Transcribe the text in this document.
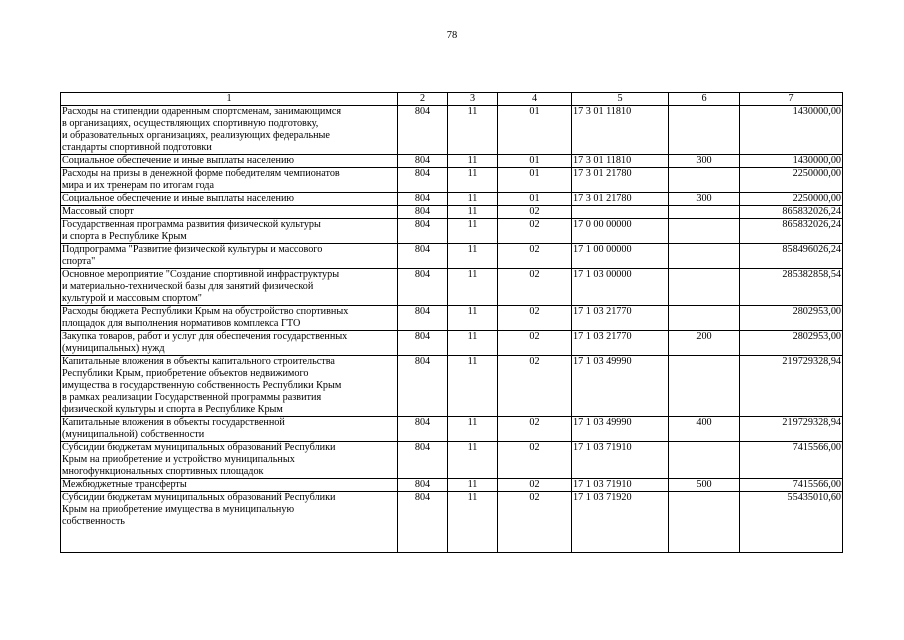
78
1	2	3	4	5	6	7

Расходы на стипендии одаренным спортсменам, занимающимся
в организациях, осуществляющих спортивную подготовку,
и образовательных организациях, реализующих федеральные
стандарты спортивной подготовки	804	11	01	17 3 01 11810		1430000,00

Социальное обеспечение и иные выплаты населению	804	11	01	17 3 01 11810	300	1430000,00

Расходы на призы в денежной форме победителям чемпионатов
мира и их тренерам по итогам года	804	11	01	17 3 01 21780		2250000,00

Социальное обеспечение и иные выплаты населению	804	11	01	17 3 01 21780	300	2250000,00

Массовый спорт	804	11	02			865832026,24

Государственная программа развития физической культуры
и спорта в Республике Крым	804	11	02	17 0 00 00000		865832026,24

Подпрограмма "Развитие физической культуры и массового
спорта"	804	11	02	17 1 00 00000		858496026,24

Основное мероприятие "Создание спортивной инфраструктуры
и материально-технической базы для занятий физической
культурой и массовым спортом"	804	11	02	17 1 03 00000		285382858,54

Расходы бюджета Республики Крым на обустройство спортивных
площадок для выполнения нормативов комплекса ГТО	804	11	02	17 1 03 21770		2802953,00

Закупка товаров, работ и услуг для обеспечения государственных
(муниципальных) нужд	804	11	02	17 1 03 21770	200	2802953,00

Капитальные вложения в объекты капитального строительства
Республики Крым, приобретение объектов недвижимого
имущества в государственную собственность Республики Крым
в рамках реализации Государственной программы развития
физической культуры и спорта в Республике Крым	804	11	02	17 1 03 49990		219729328,94

Капитальные вложения в объекты государственной
(муниципальной) собственности	804	11	02	17 1 03 49990	400	219729328,94

Субсидии бюджетам муниципальных образований Республики
Крым на приобретение и устройство муниципальных
многофункциональных спортивных площадок	804	11	02	17 1 03 71910		7415566,00

Межбюджетные трансферты	804	11	02	17 1 03 71910	500	7415566,00

Субсидии бюджетам муниципальных образований Республики
Крым на приобретение имущества в муниципальную
собственность	804	11	02	17 1 03 71920		55435010,60
